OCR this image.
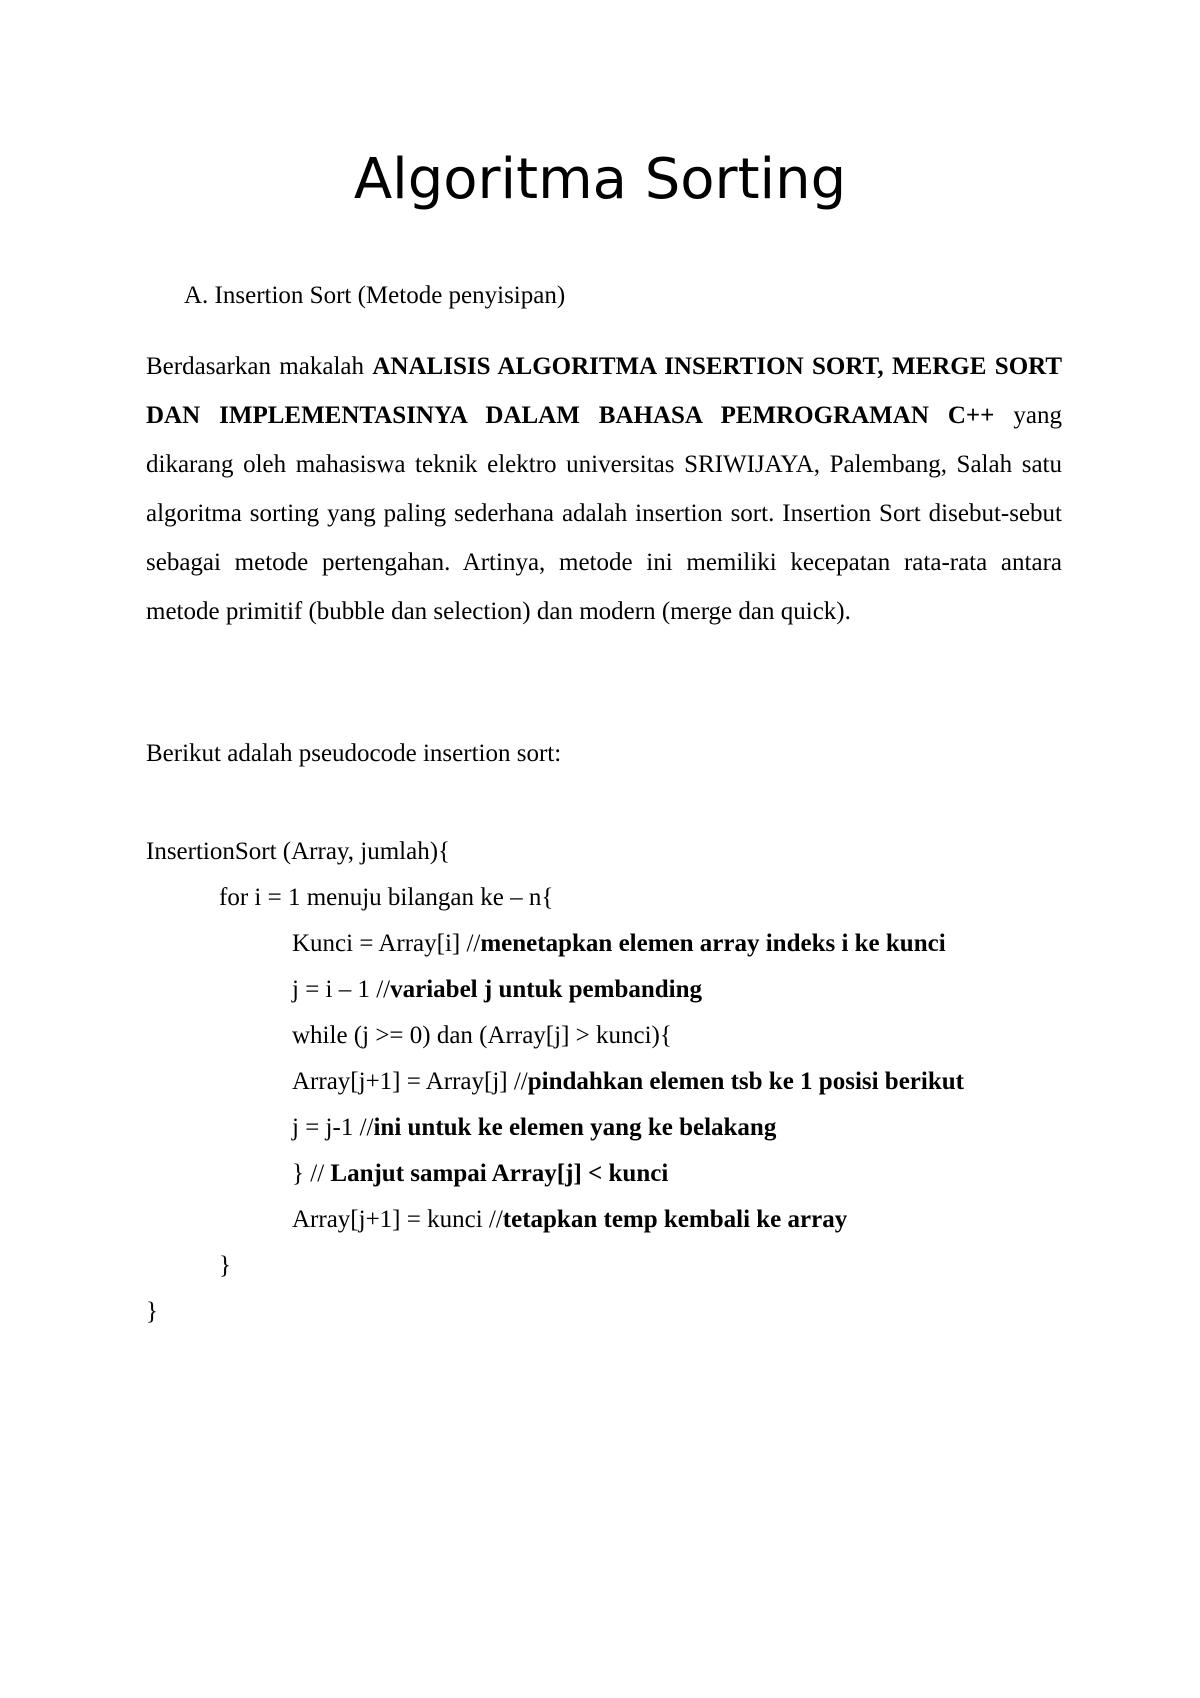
Algoritma Sorting

A. Insertion Sort (Metode penyisipan)

Berdasarkan makalah ANALISIS ALGORITMA INSERTION SORT, MERGE SORT DAN IMPLEMENTASINYA DALAM BAHASA PEMROGRAMAN C++ yang dikarang oleh mahasiswa teknik elektro universitas SRIWIJAYA, Palembang, Salah satu algoritma sorting yang paling sederhana adalah insertion sort. Insertion Sort disebut-sebut sebagai metode pertengahan. Artinya, metode ini memiliki kecepatan rata-rata antara metode primitif (bubble dan selection) dan modern (merge dan quick).

Berikut adalah pseudocode insertion sort:

InsertionSort (Array, jumlah){
for i = 1 menuju bilangan ke – n{
Kunci = Array[i] //menetapkan elemen array indeks i ke kunci
j = i – 1 //variabel j untuk pembanding
while (j >= 0) dan (Array[j] > kunci){
Array[j+1] = Array[j] //pindahkan elemen tsb ke 1 posisi berikut
j = j-1 //ini untuk ke elemen yang ke belakang
} // Lanjut sampai Array[j] < kunci
Array[j+1] = kunci //tetapkan temp kembali ke array
}
}
